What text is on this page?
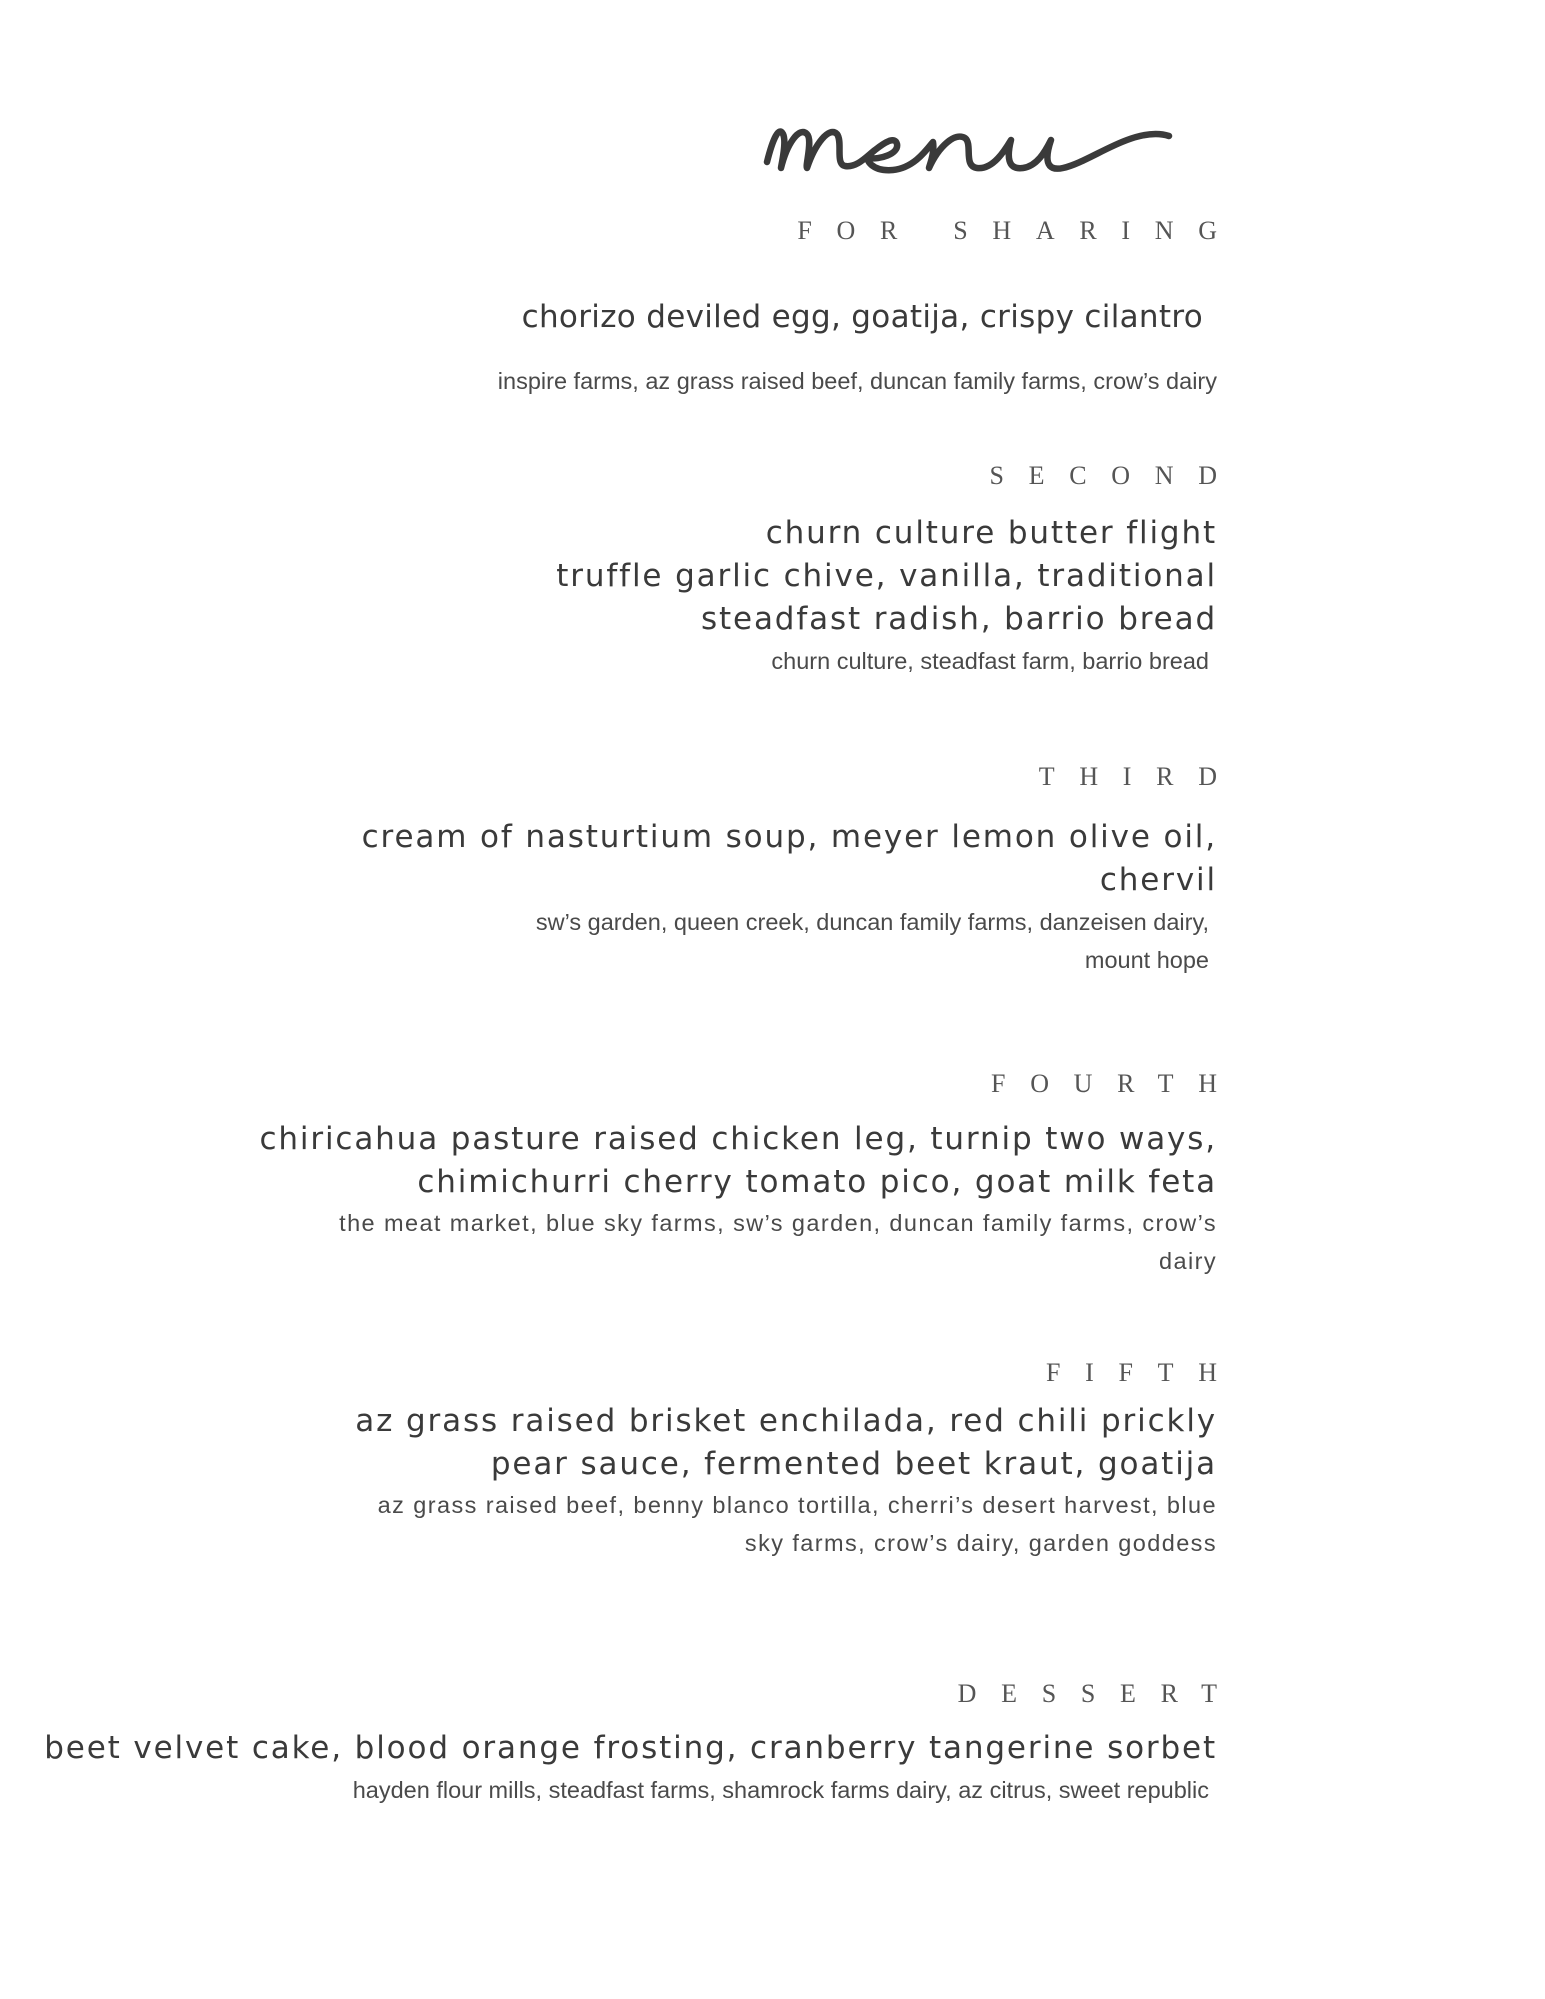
FOR SHARING
chorizo deviled egg, goatija, crispy cilantro
inspire farms, az grass raised beef, duncan family farms, crow’s dairy
SECOND
churn culture butter flight
truffle garlic chive, vanilla, traditional
steadfast radish, barrio bread
churn culture, steadfast farm, barrio bread
THIRD
cream of nasturtium soup, meyer lemon olive oil,
chervil
sw’s garden, queen creek, duncan family farms, danzeisen dairy,
mount hope
FOURTH
chiricahua pasture raised chicken leg, turnip two ways,
chimichurri cherry tomato pico, goat milk feta
the meat market, blue sky farms, sw’s garden, duncan family farms, crow’s
dairy
FIFTH
az grass raised brisket enchilada, red chili prickly
pear sauce, fermented beet kraut, goatija
az grass raised beef, benny blanco tortilla, cherri’s desert harvest, blue
sky farms, crow’s dairy, garden goddess
DESSERT
beet velvet cake, blood orange frosting, cranberry tangerine sorbet
hayden flour mills, steadfast farms, shamrock farms dairy, az citrus, sweet republic
